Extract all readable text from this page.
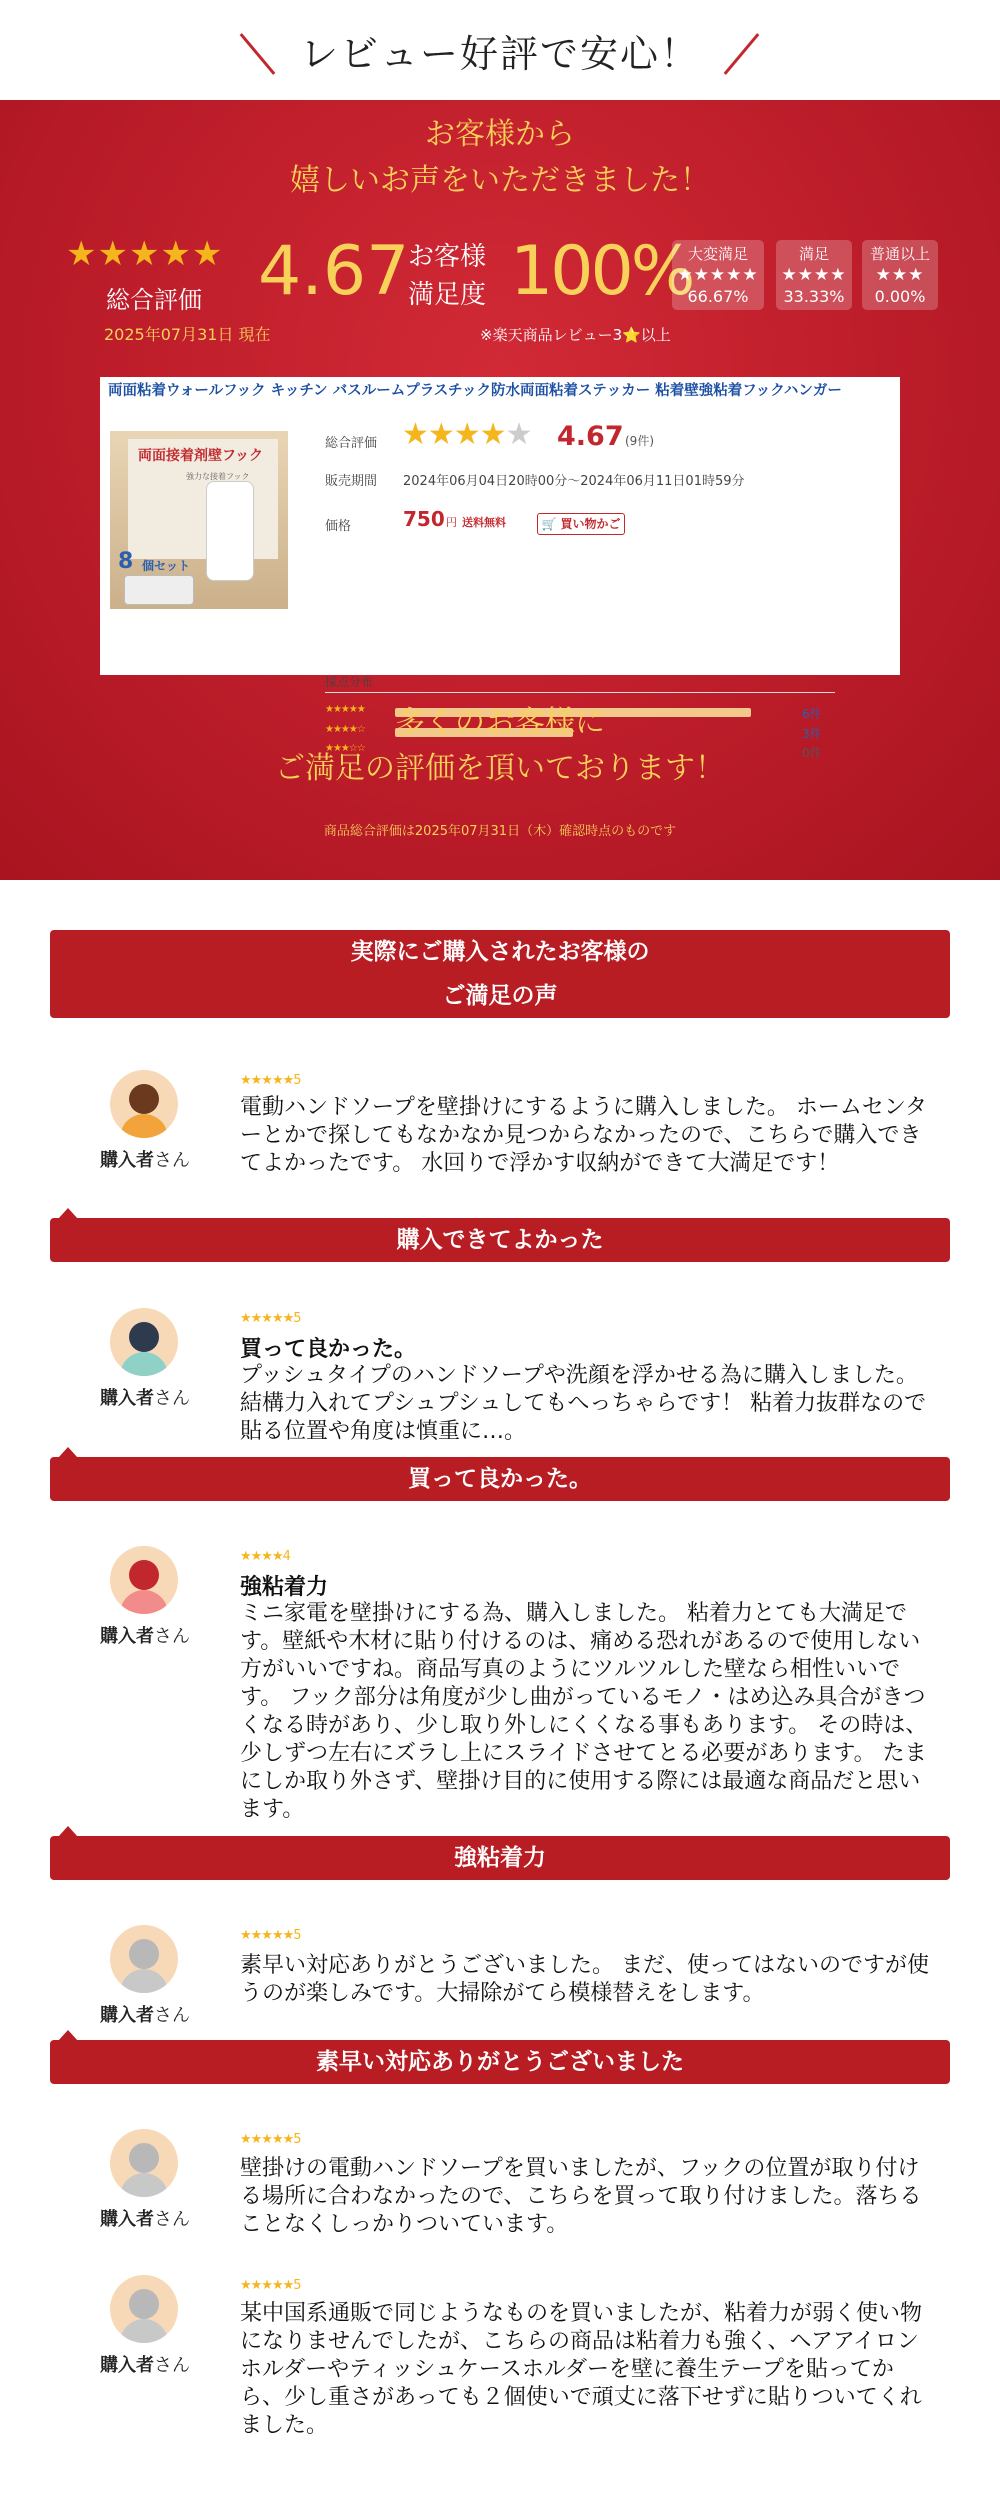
レビュー好評で安心！
お客様から
嬉しいお声をいただきました！
★★★★★
総合評価
2025年07月31日 現在
4.67
お客様
満足度 100%
※楽天商品レビュー3⭐以上
大変満足
★★★★★
66.67%
満足
★★★★
33.33%
普通以上
★★★
0.00%
両面粘着ウォールフック キッチン バスルームプラスチック防水両面粘着ステッカー 粘着壁強粘着フックハンガー
両面接着剤壁フック
強力な接着フック
8 個セット
総合評価 ★★★★★ 4.67 (9件)
販売期間 2024年06月04日20時00分～2024年06月11日01時59分
価格	750 円 送料無料	🛒 買い物かご
採点分布
★★★★★	6件
★★★★☆	3件
★★★☆☆	0件
多くのお客様に
ご満足の評価を頂いております！
商品総合評価は2025年07月31日（木）確認時点のものです
実際にご購入されたお客様の
ご満足の声
購入者さん
★★★★★5
電動ハンドソープを壁掛けにするように購入しました。 ホームセンターとかで探してもなかなか見つからなかったので、こちらで購入できてよかったです。 水回りで浮かす収納ができて大満足です！
購入できてよかった
購入者さん
★★★★★5
買って良かった。
プッシュタイプのハンドソープや洗顔を浮かせる為に購入しました。 結構力入れてプシュプシュしてもへっちゃらです！ 粘着力抜群なので貼る位置や角度は慎重に…。
買って良かった。
購入者さん
★★★★4
強粘着力
ミニ家電を壁掛けにする為、購入しました。 粘着力とても大満足です。壁紙や木材に貼り付けるのは、痛める恐れがあるので使用しない方がいいですね。商品写真のようにツルツルした壁なら相性いいです。 フック部分は角度が少し曲がっているモノ・はめ込み具合がきつくなる時があり、少し取り外しにくくなる事もあります。 その時は、少しずつ左右にズラし上にスライドさせてとる必要があります。 たまにしか取り外さず、壁掛け目的に使用する際には最適な商品だと思います。
強粘着力
購入者さん
★★★★★5
素早い対応ありがとうございました。 まだ、使ってはないのですが使うのが楽しみです。大掃除がてら模様替えをします。
素早い対応ありがとうございました
購入者さん
★★★★★5
壁掛けの電動ハンドソープを買いましたが、フックの位置が取り付ける場所に合わなかったので、こちらを買って取り付けました。落ちることなくしっかりついています。
購入者さん
★★★★★5
某中国系通販で同じようなものを買いましたが、粘着力が弱く使い物になりませんでしたが、こちらの商品は粘着力も強く、ヘアアイロンホルダーやティッシュケースホルダーを壁に養生テープを貼ってから、少し重さがあっても２個使いで頑丈に落下せずに貼りついてくれました。
